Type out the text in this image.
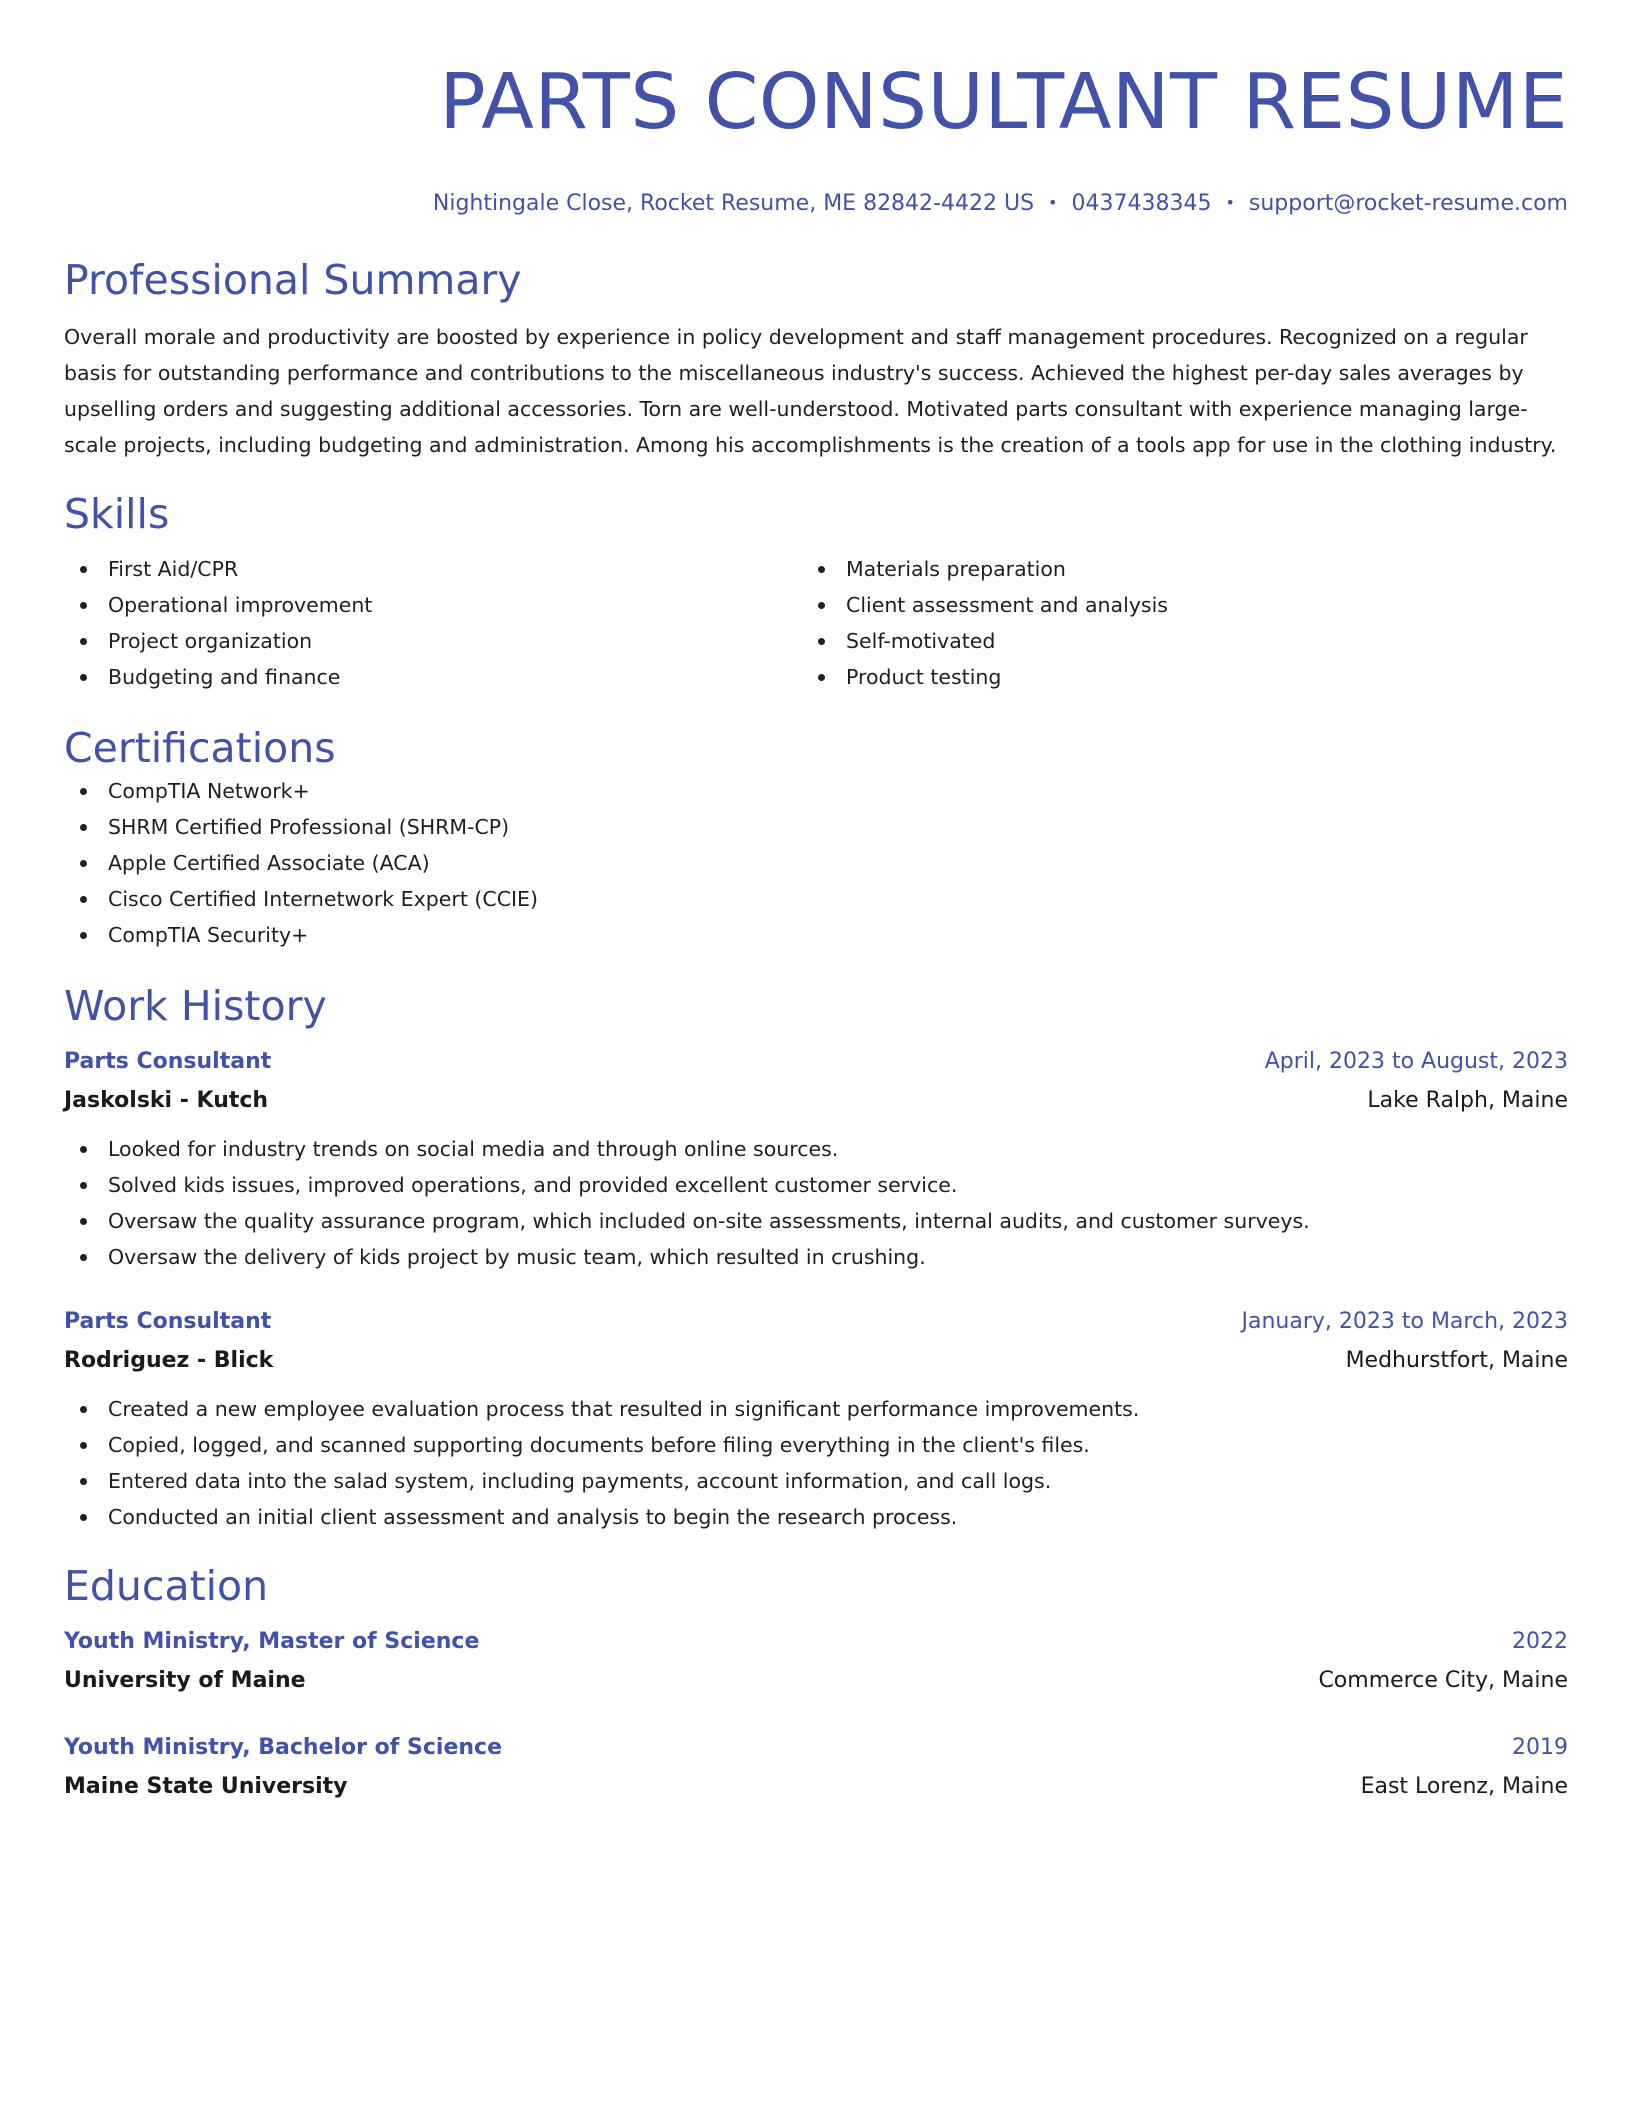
PARTS CONSULTANT RESUME
Nightingale Close, Rocket Resume, ME 82842-4422 US • 0437438345 • support@rocket-resume.com
Professional Summary

Overall morale and productivity are boosted by experience in policy development and staff management procedures. Recognized on a regular basis for outstanding performance and contributions to the miscellaneous industry's success. Achieved the highest per-day sales averages by upselling orders and suggesting additional accessories. Torn are well-understood. Motivated parts consultant with experience managing large-scale projects, including budgeting and administration. Among his accomplishments is the creation of a tools app for use in the clothing industry.

Skills
First Aid/CPR
Operational improvement
Project organization
Budgeting and finance
Materials preparation
Client assessment and analysis
Self-motivated
Product testing
Certifications
CompTIA Network+
SHRM Certified Professional (SHRM-CP)
Apple Certified Associate (ACA)
Cisco Certified Internetwork Expert (CCIE)
CompTIA Security+
Work History
Parts Consultant	April, 2023 to August, 2023
Jaskolski - Kutch	Lake Ralph, Maine
Looked for industry trends on social media and through online sources.
Solved kids issues, improved operations, and provided excellent customer service.
Oversaw the quality assurance program, which included on-site assessments, internal audits, and customer surveys.
Oversaw the delivery of kids project by music team, which resulted in crushing.
Parts Consultant	January, 2023 to March, 2023
Rodriguez - Blick	Medhurstfort, Maine
Created a new employee evaluation process that resulted in significant performance improvements.
Copied, logged, and scanned supporting documents before filing everything in the client's files.
Entered data into the salad system, including payments, account information, and call logs.
Conducted an initial client assessment and analysis to begin the research process.
Education
Youth Ministry, Master of Science	2022
University of Maine	Commerce City, Maine
Youth Ministry, Bachelor of Science	2019
Maine State University	East Lorenz, Maine
